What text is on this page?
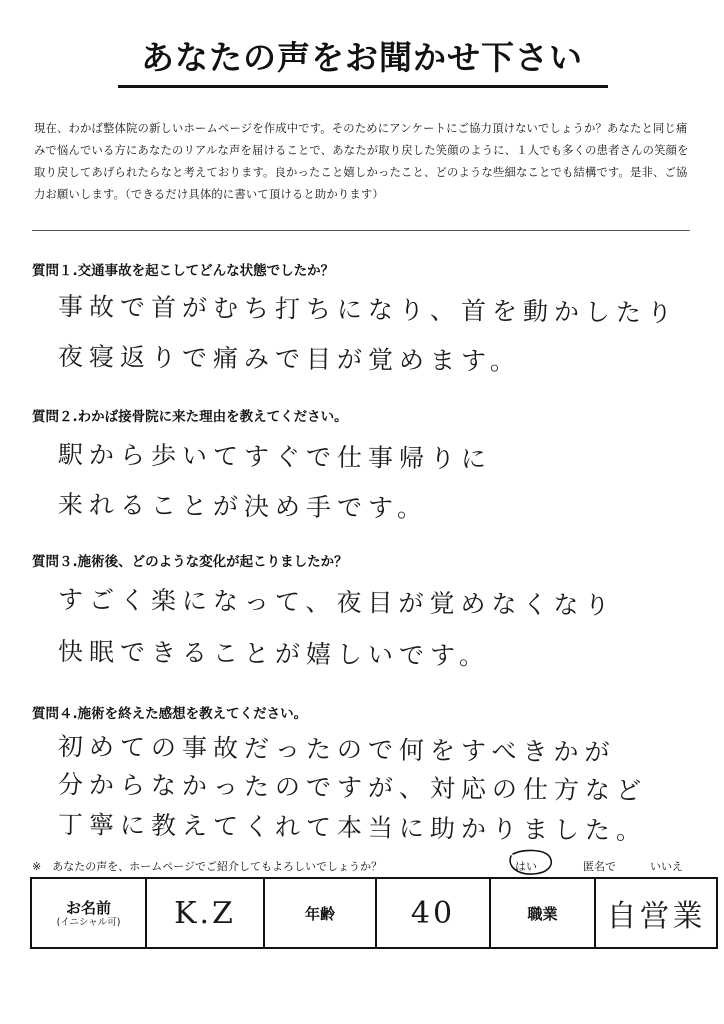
あなたの声をお聞かせ下さい

現在、わかば整体院の新しいホームページを作成中です。そのためにアンケートにご協力頂けないでしょうか？あなたと同じ痛みで悩んでいる方にあなたのリアルな声を届けることで、あなたが取り戻した笑顔のように、１人でも多くの患者さんの笑顔を取り戻してあげられたらなと考えております。良かったこと嬉しかったこと、どのような些細なことでも結構です。是非、ご協力お願いします。（できるだけ具体的に書いて頂けると助かります）

質問１.交通事故を起こしてどんな状態でしたか？
事故で首がむち打ちになり、首を動かしたり
夜寝返りで痛みで目が覚めます。
質問２.わかば接骨院に来た理由を教えてください。
駅から歩いてすぐで仕事帰りに
来れることが決め手です。
質問３.施術後、どのような変化が起こりましたか？
すごく楽になって、夜目が覚めなくなり
快眠できることが嬉しいです。
質問４.施術を終えた感想を教えてください。
初めての事故だったので何をすべきかが
分からなかったのですが、対応の仕方など
丁寧に教えてくれて本当に助かりました。
※　あなたの声を、ホームページでご紹介してもよろしいでしょうか？	はい	匿名で	いいえ
お名前
(イニシャル可)	K.Z	年齢	40	職業	自営業
